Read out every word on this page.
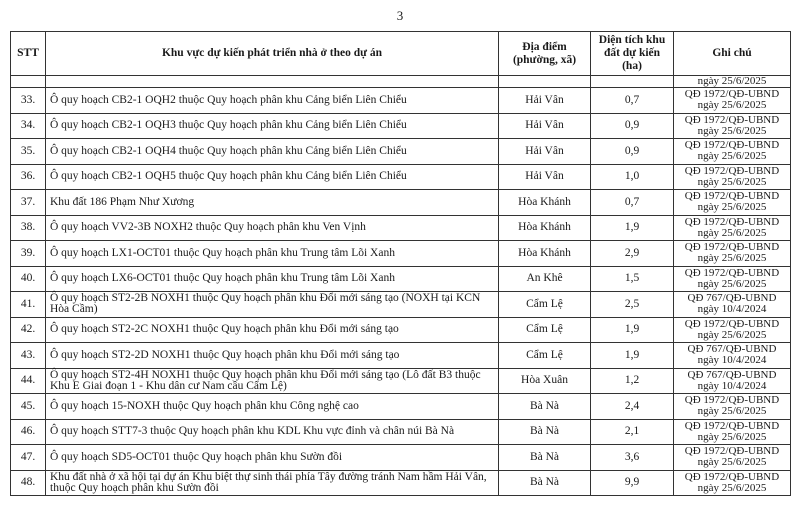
3
STT	Khu vực dự kiến phát triển nhà ở theo dự án	Địa điểm (phường, xã)	Diện tích khu đất dự kiến (ha)	Ghi chú
				ngày 25/6/2025
33.	Ô quy hoạch CB2-1 OQH2 thuộc Quy hoạch phân khu Cảng biển Liên Chiểu	Hải Vân	0,7	QĐ 1972/QĐ-UBND
ngày 25/6/2025

34.	Ô quy hoạch CB2-1 OQH3 thuộc Quy hoạch phân khu Cảng biển Liên Chiểu	Hải Vân	0,9	QĐ 1972/QĐ-UBND
ngày 25/6/2025

35.	Ô quy hoạch CB2-1 OQH4 thuộc Quy hoạch phân khu Cảng biển Liên Chiểu	Hải Vân	0,9	QĐ 1972/QĐ-UBND
ngày 25/6/2025

36.	Ô quy hoạch CB2-1 OQH5 thuộc Quy hoạch phân khu Cảng biển Liên Chiểu	Hải Vân	1,0	QĐ 1972/QĐ-UBND
ngày 25/6/2025

37.	Khu đất 186 Phạm Như Xương	Hòa Khánh	0,7	QĐ 1972/QĐ-UBND
ngày 25/6/2025

38.	Ô quy hoạch VV2-3B NOXH2 thuộc Quy hoạch phân khu Ven Vịnh	Hòa Khánh	1,9	QĐ 1972/QĐ-UBND
ngày 25/6/2025

39.	Ô quy hoạch LX1-OCT01 thuộc Quy hoạch phân khu Trung tâm Lõi Xanh	Hòa Khánh	2,9	QĐ 1972/QĐ-UBND
ngày 25/6/2025

40.	Ô quy hoạch LX6-OCT01 thuộc Quy hoạch phân khu Trung tâm Lõi Xanh	An Khê	1,5	QĐ 1972/QĐ-UBND
ngày 25/6/2025

41.	Ô quy hoạch ST2-2B NOXH1 thuộc Quy hoạch phân khu Đổi mới sáng tạo (NOXH tại KCN Hòa Cầm)	Cẩm Lệ	2,5	QĐ 767/QĐ-UBND
ngày 10/4/2024

42.	Ô quy hoạch ST2-2C NOXH1 thuộc Quy hoạch phân khu Đổi mới sáng tạo	Cẩm Lệ	1,9	QĐ 1972/QĐ-UBND
ngày 25/6/2025

43.	Ô quy hoạch ST2-2D NOXH1 thuộc Quy hoạch phân khu Đổi mới sáng tạo	Cẩm Lệ	1,9	QĐ 767/QĐ-UBND
ngày 10/4/2024

44.	Ô quy hoạch ST2-4H NOXH1 thuộc Quy hoạch phân khu Đổi mới sáng tạo (Lô đất B3 thuộc Khu E Giai đoạn 1 - Khu dân cư Nam cầu Cẩm Lệ)	Hòa Xuân	1,2	QĐ 767/QĐ-UBND
ngày 10/4/2024

45.	Ô quy hoạch 15-NOXH thuộc Quy hoạch phân khu Công nghệ cao	Bà Nà	2,4	QĐ 1972/QĐ-UBND
ngày 25/6/2025

46.	Ô quy hoạch STT7-3 thuộc Quy hoạch phân khu KDL Khu vực đỉnh và chân núi Bà Nà	Bà Nà	2,1	QĐ 1972/QĐ-UBND
ngày 25/6/2025

47.	Ô quy hoạch SD5-OCT01 thuộc Quy hoạch phân khu Sườn đồi	Bà Nà	3,6	QĐ 1972/QĐ-UBND
ngày 25/6/2025

48.	Khu đất nhà ở xã hội tại dự án Khu biệt thự sinh thái phía Tây đường tránh Nam hầm Hải Vân, thuộc Quy hoạch phân khu Sườn đồi	Bà Nà	9,9	QĐ 1972/QĐ-UBND
ngày 25/6/2025
